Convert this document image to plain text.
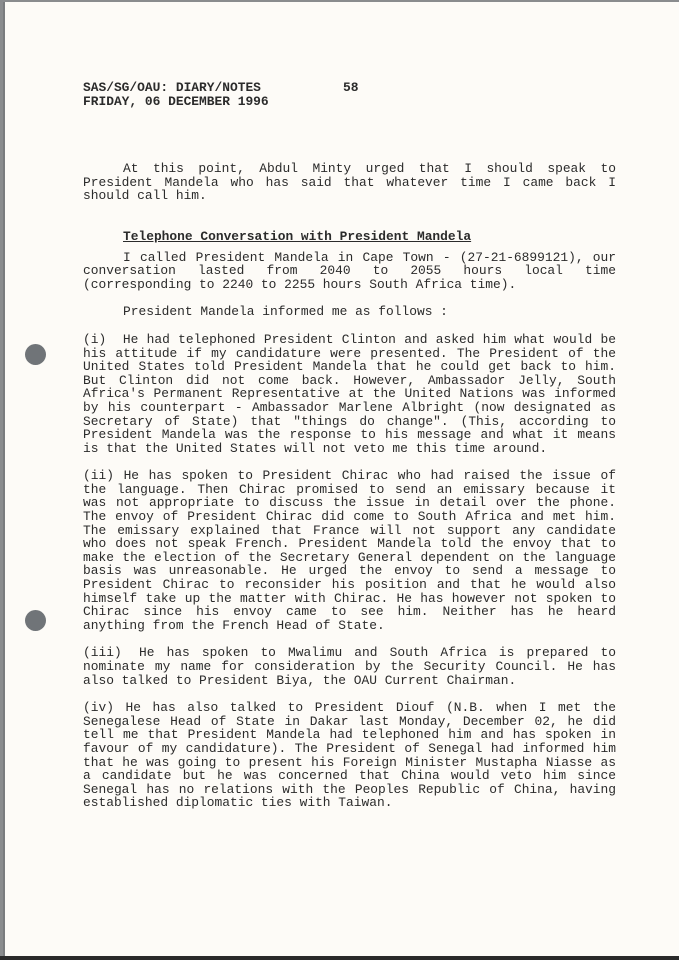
SAS/SG/OAU: DIARY/NOTES	58
FRIDAY, 06 DECEMBER 1996

At this point, Abdul Minty urged that I should speak to President Mandela who has said that whatever time I came back I should call him.

Telephone Conversation with President Mandela

I called President Mandela in Cape Town - (27-21-6899121), our conversation lasted from 2040 to 2055 hours local time (corresponding to 2240 to 2255 hours South Africa time).

President Mandela informed me as follows :

(i) He had telephoned President Clinton and asked him what would be his attitude if my candidature were presented. The President of the United States told President Mandela that he could get back to him. But Clinton did not come back. However, Ambassador Jelly, South Africa's Permanent Representative at the United Nations was informed by his counterpart - Ambassador Marlene Albright (now designated as Secretary of State) that "things do change". (This, according to President Mandela was the response to his message and what it means is that the United States will not veto me this time around.

(ii) He has spoken to President Chirac who had raised the issue of the language. Then Chirac promised to send an emissary because it was not appropriate to discuss the issue in detail over the phone. The envoy of President Chirac did come to South Africa and met him. The emissary explained that France will not support any candidate who does not speak French. President Mandela told the envoy that to make the election of the Secretary General dependent on the language basis was unreasonable. He urged the envoy to send a message to President Chirac to reconsider his position and that he would also himself take up the matter with Chirac. He has however not spoken to Chirac since his envoy came to see him. Neither has he heard anything from the French Head of State.

(iii) He has spoken to Mwalimu and South Africa is prepared to nominate my name for consideration by the Security Council. He has also talked to President Biya, the OAU Current Chairman.

(iv) He has also talked to President Diouf (N.B. when I met the Senegalese Head of State in Dakar last Monday, December 02, he did tell me that President Mandela had telephoned him and has spoken in favour of my candidature). The President of Senegal had informed him that he was going to present his Foreign Minister Mustapha Niasse as a candidate but he was concerned that China would veto him since Senegal has no relations with the Peoples Republic of China, having established diplomatic ties with Taiwan.
